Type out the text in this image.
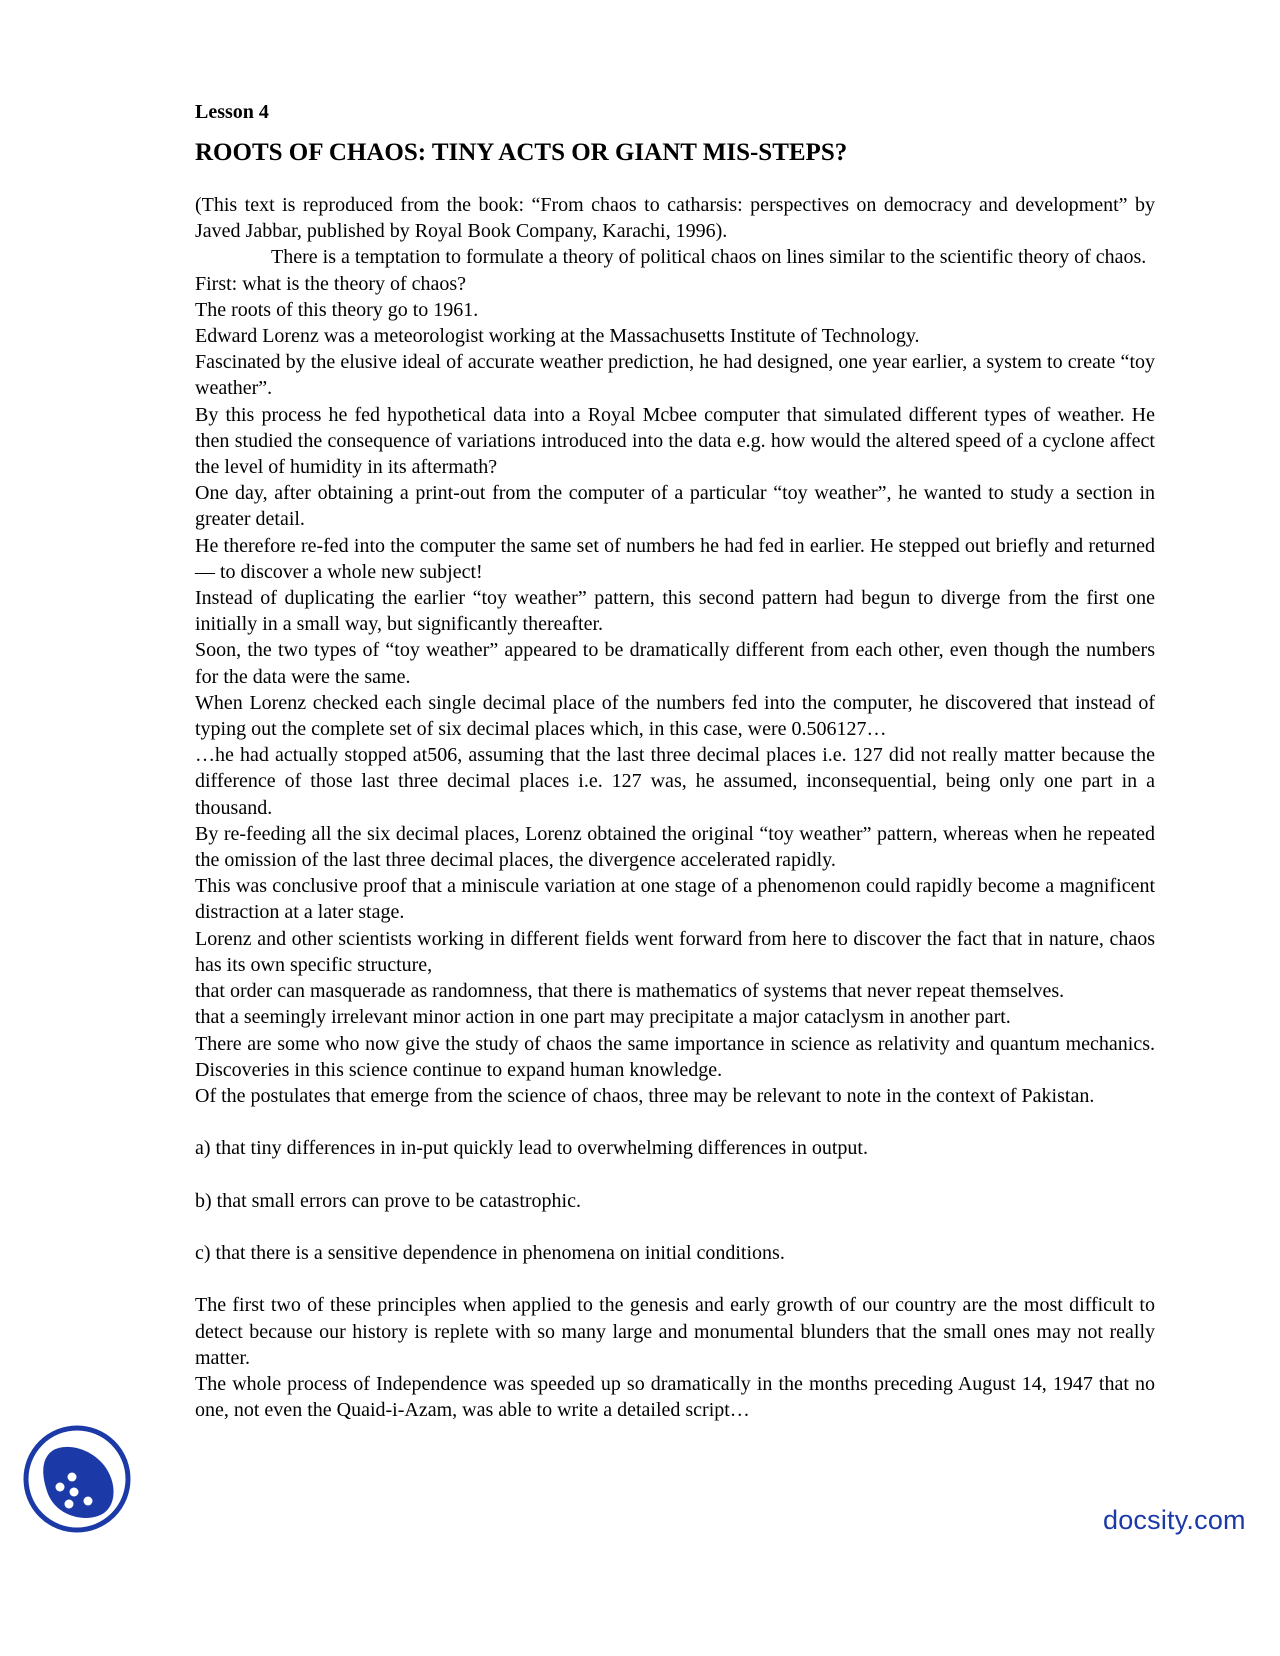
Lesson 4

ROOTS OF CHAOS: TINY ACTS OR GIANT MIS-STEPS?

(This text is reproduced from the book: “From chaos to catharsis: perspectives on democracy and development” by Javed Jabbar, published by Royal Book Company, Karachi, 1996).

There is a temptation to formulate a theory of political chaos on lines similar to the scientific theory of chaos.

First: what is the theory of chaos?

The roots of this theory go to 1961.

Edward Lorenz was a meteorologist working at the Massachusetts Institute of Technology.

Fascinated by the elusive ideal of accurate weather prediction, he had designed, one year earlier, a system to create “toy weather”.

By this process he fed hypothetical data into a Royal Mcbee computer that simulated different types of weather. He then studied the consequence of variations introduced into the data e.g. how would the altered speed of a cyclone affect the level of humidity in its aftermath?

One day, after obtaining a print-out from the computer of a particular “toy weather”, he wanted to study a section in greater detail.

He therefore re-fed into the computer the same set of numbers he had fed in earlier. He stepped out briefly and returned — to discover a whole new subject!

Instead of duplicating the earlier “toy weather” pattern, this second pattern had begun to diverge from the first one initially in a small way, but significantly thereafter.

Soon, the two types of “toy weather” appeared to be dramatically different from each other, even though the numbers for the data were the same.

When Lorenz checked each single decimal place of the numbers fed into the computer, he discovered that instead of typing out the complete set of six decimal places which, in this case, were 0.506127…

…he had actually stopped at506, assuming that the last three decimal places i.e. 127 did not really matter because the difference of those last three decimal places i.e. 127 was, he assumed, inconsequential, being only one part in a thousand.

By re-feeding all the six decimal places, Lorenz obtained the original “toy weather” pattern, whereas when he repeated the omission of the last three decimal places, the divergence accelerated rapidly.

This was conclusive proof that a miniscule variation at one stage of a phenomenon could rapidly become a magnificent distraction at a later stage.

Lorenz and other scientists working in different fields went forward from here to discover the fact that in nature, chaos has its own specific structure,

that order can masquerade as randomness, that there is mathematics of systems that never repeat themselves.

that a seemingly irrelevant minor action in one part may precipitate a major cataclysm in another part.

There are some who now give the study of chaos the same importance in science as relativity and quantum mechanics. Discoveries in this science continue to expand human knowledge.

Of the postulates that emerge from the science of chaos, three may be relevant to note in the context of Pakistan.

a) that tiny differences in in-put quickly lead to overwhelming differences in output.

b) that small errors can prove to be catastrophic.

c) that there is a sensitive dependence in phenomena on initial conditions.

The first two of these principles when applied to the genesis and early growth of our country are the most difficult to detect because our history is replete with so many large and monumental blunders that the small ones may not really matter.

The whole process of Independence was speeded up so dramatically in the months preceding August 14, 1947 that no one, not even the Quaid-i-Azam, was able to write a detailed script…

docsity.com
